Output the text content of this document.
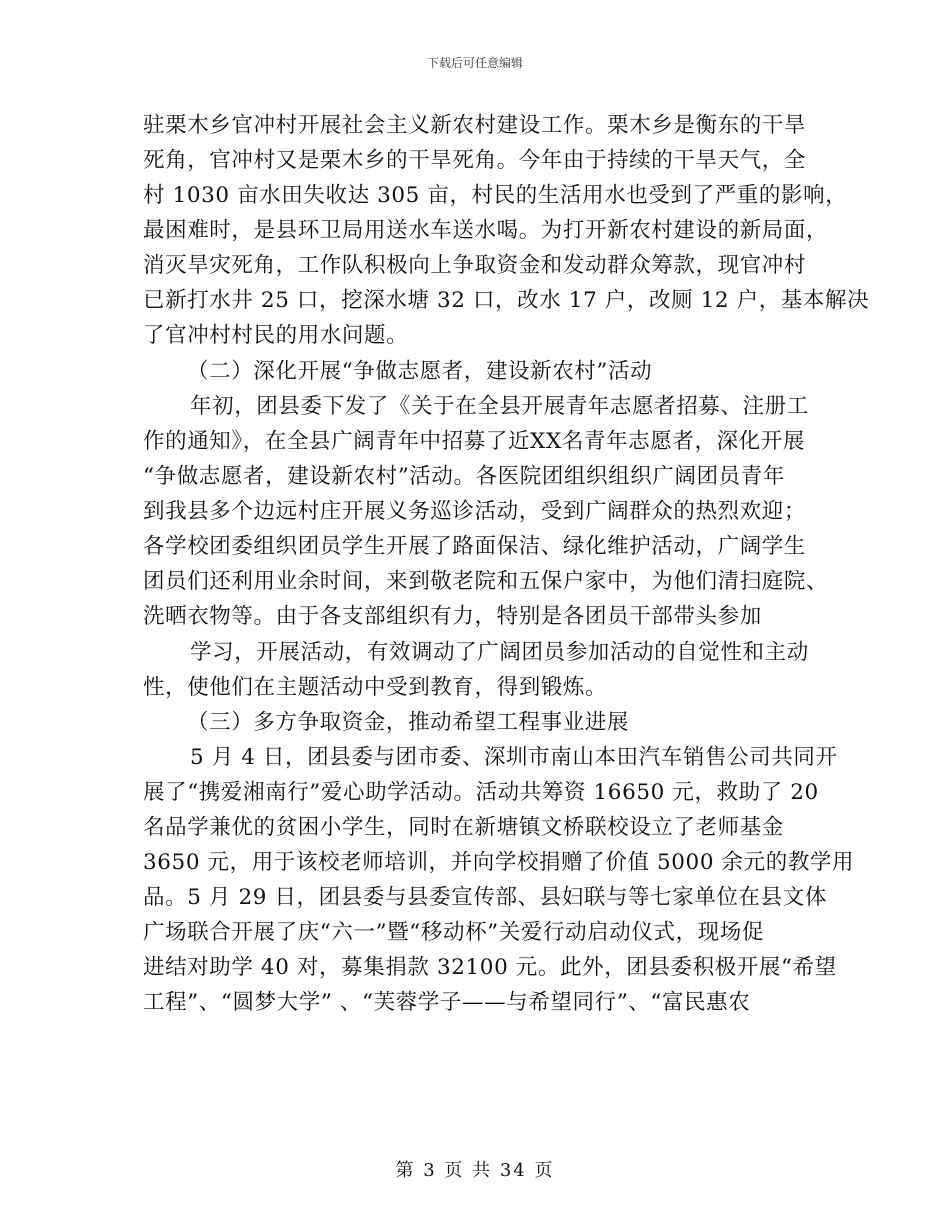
下载后可任意编辑
驻栗木乡官冲村开展社会主义新农村建设工作。栗木乡是衡东的干旱
死角，官冲村又是栗木乡的干旱死角。今年由于持续的干旱天气，全
村 1030 亩水田失收达 305 亩，村民的生活用水也受到了严重的影响，
最困难时，是县环卫局用送水车送水喝。为打开新农村建设的新局面，
消灭旱灾死角，工作队积极向上争取资金和发动群众筹款，现官冲村
已新打水井 25 口，挖深水塘 32 口，改水 17 户，改厕 12 户，基本解决
了官冲村村民的用水问题。
（二）深化开展“争做志愿者，建设新农村”活动
年初，团县委下发了《关于在全县开展青年志愿者招募、注册工
作的通知》，在全县广阔青年中招募了近XX名青年志愿者，深化开展
“争做志愿者，建设新农村”活动。各医院团组织组织广阔团员青年
到我县多个边远村庄开展义务巡诊活动，受到广阔群众的热烈欢迎；
各学校团委组织团员学生开展了路面保洁、绿化维护活动，广阔学生
团员们还利用业余时间，来到敬老院和五保户家中，为他们清扫庭院、
洗晒衣物等。由于各支部组织有力，特别是各团员干部带头参加
学习，开展活动，有效调动了广阔团员参加活动的自觉性和主动
性，使他们在主题活动中受到教育，得到锻炼。
（三）多方争取资金，推动希望工程事业进展
5 月 4 日，团县委与团市委、深圳市南山本田汽车销售公司共同开
展了“携爱湘南行”爱心助学活动。活动共筹资 16650 元，救助了 20
名品学兼优的贫困小学生，同时在新塘镇文桥联校设立了老师基金
3650 元，用于该校老师培训，并向学校捐赠了价值 5000 余元的教学用
品。5 月 29 日，团县委与县委宣传部、县妇联与等七家单位在县文体
广场联合开展了庆“六一”暨“移动杯”关爱行动启动仪式，现场促
进结对助学 40 对，募集捐款 32100 元。此外，团县委积极开展“希望
工程”、“圆梦大学” 、“芙蓉学子——与希望同行”、“富民惠农
第 3 页 共 34 页
